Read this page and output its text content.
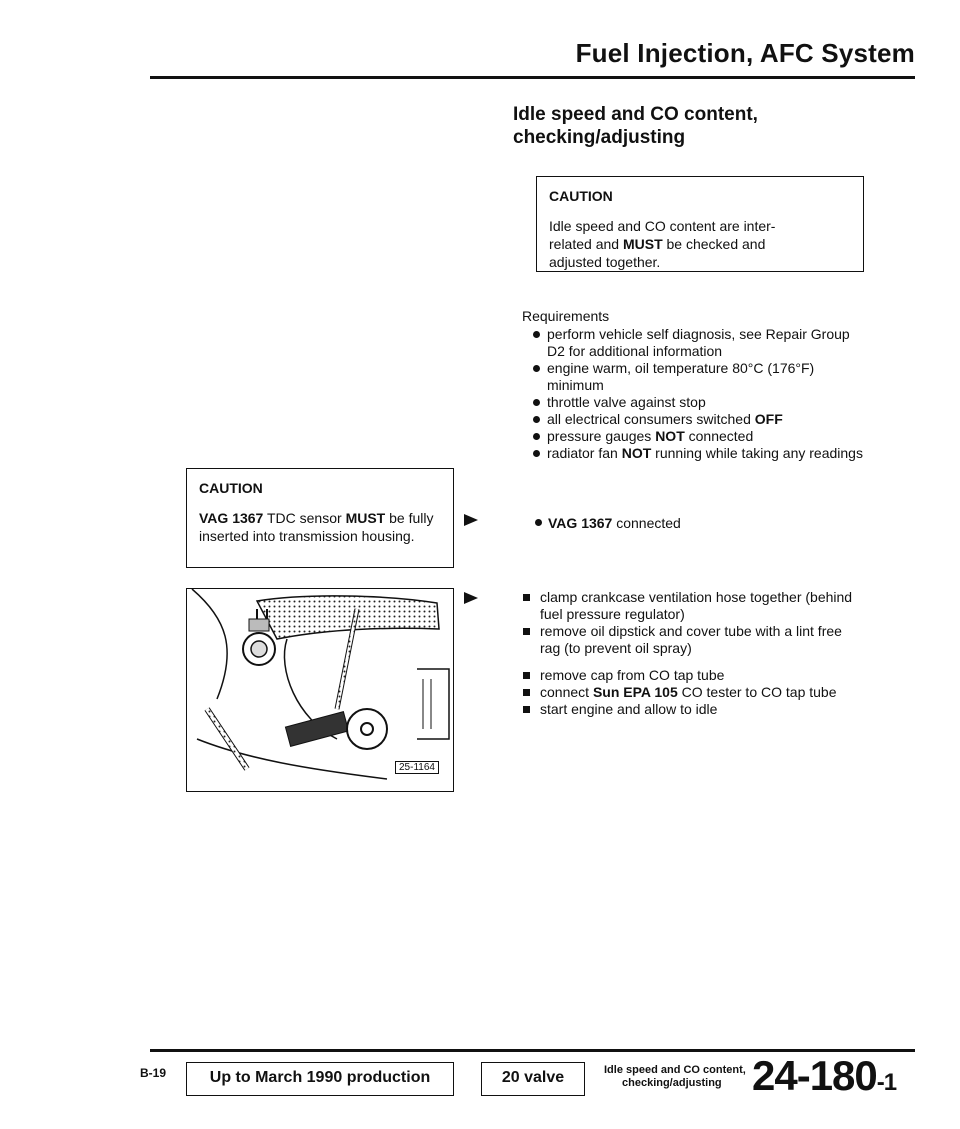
Fuel Injection, AFC System
Idle speed and CO content,
checking/adjusting
CAUTION
Idle speed and CO content are inter-
related and MUST be checked and
adjusted together.
Requirements
perform vehicle self diagnosis, see Repair Group D2 for additional information
engine warm, oil temperature 80°C (176°F) minimum
throttle valve against stop
all electrical consumers switched OFF
pressure gauges NOT connected
radiator fan NOT running while taking any readings
VAG 1367 connected
CAUTION
VAG 1367 TDC sensor MUST be fully inserted into transmission housing.
25-1164
clamp crankcase ventilation hose together (behind fuel pressure regulator)
remove oil dipstick and cover tube with a lint free rag (to prevent oil spray)
remove cap from CO tap tube
connect Sun EPA 105 CO tester to CO tap tube
start engine and allow to idle
B-19	Up to March 1990 production	20 valve	Idle speed and CO content,
checking/adjusting 24-180-1
